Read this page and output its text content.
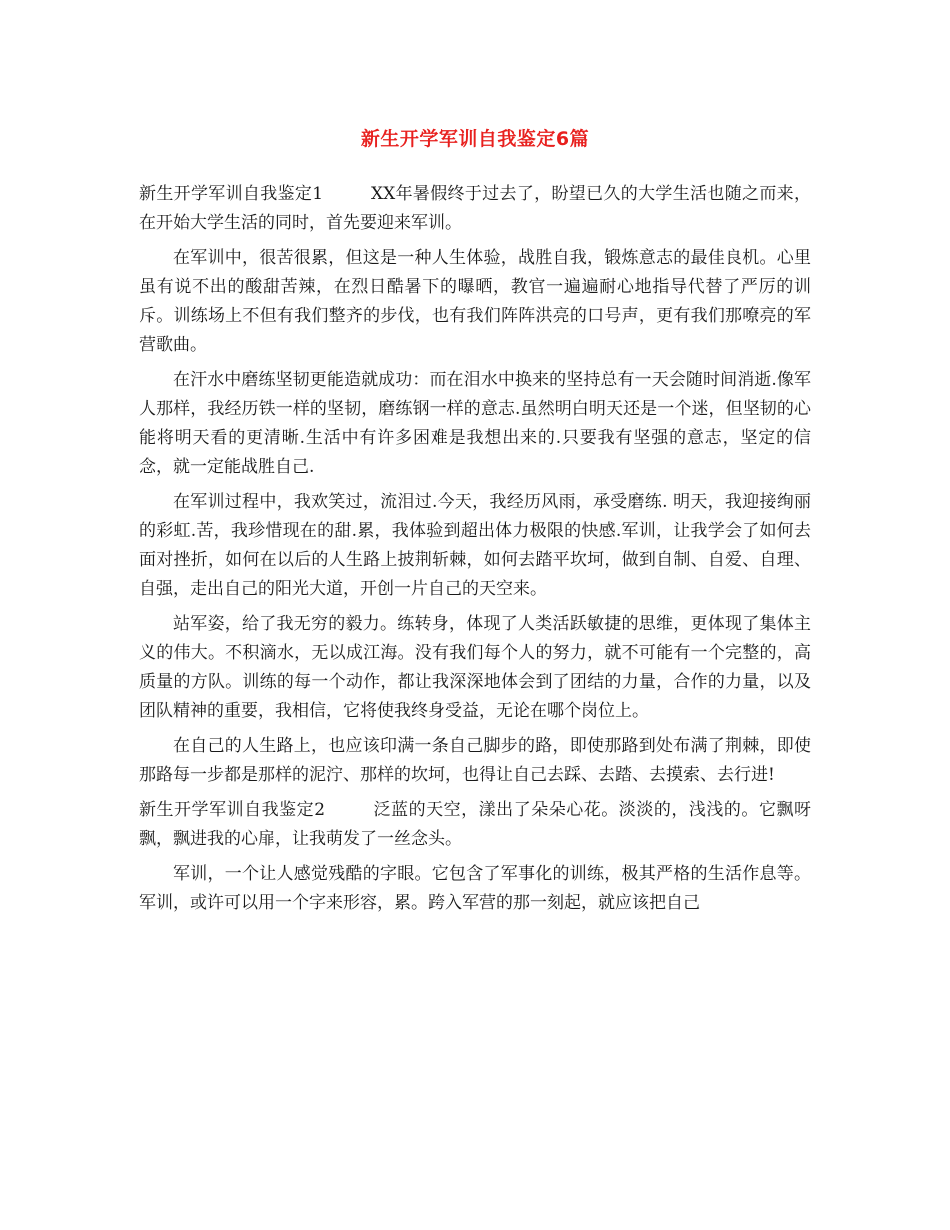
新生开学军训自我鉴定6篇

新生开学军训自我鉴定1	XX年暑假终于过去了，盼望已久的大学生活也随之而来，在开始大学生活的同时，首先要迎来军训。

在军训中，很苦很累，但这是一种人生体验，战胜自我，锻炼意志的最佳良机。心里虽有说不出的酸甜苦辣，在烈日酷暑下的曝晒，教官一遍遍耐心地指导代替了严厉的训斥。训练场上不但有我们整齐的步伐，也有我们阵阵洪亮的口号声，更有我们那嘹亮的军营歌曲。

在汗水中磨练坚韧更能造就成功：而在泪水中换来的坚持总有一天会随时间消逝.像军人那样，我经历铁一样的坚韧，磨练钢一样的意志.虽然明白明天还是一个迷，但坚韧的心能将明天看的更清晰.生活中有许多困难是我想出来的.只要我有坚强的意志，坚定的信念，就一定能战胜自己.

在军训过程中，我欢笑过，流泪过.今天，我经历风雨，承受磨练. 明天，我迎接绚丽的彩虹.苦，我珍惜现在的甜.累，我体验到超出体力极限的快感.军训，让我学会了如何去面对挫折，如何在以后的人生路上披荆斩棘，如何去踏平坎坷，做到自制、自爱、自理、自强，走出自己的阳光大道，开创一片自己的天空来。

站军姿，给了我无穷的毅力。练转身，体现了人类活跃敏捷的思维，更体现了集体主义的伟大。不积滴水，无以成江海。没有我们每个人的努力，就不可能有一个完整的，高质量的方队。训练的每一个动作，都让我深深地体会到了团结的力量，合作的力量，以及团队精神的重要，我相信，它将使我终身受益，无论在哪个岗位上。

在自己的人生路上，也应该印满一条自己脚步的路，即使那路到处布满了荆棘，即使那路每一步都是那样的泥泞、那样的坎坷，也得让自己去踩、去踏、去摸索、去行进!

新生开学军训自我鉴定2	泛蓝的天空，漾出了朵朵心花。淡淡的，浅浅的。它飘呀飘，飘进我的心扉，让我萌发了一丝念头。

军训，一个让人感觉残酷的字眼。它包含了军事化的训练，极其严格的生活作息等。军训，或许可以用一个字来形容，累。跨入军营的那一刻起，就应该把自己
